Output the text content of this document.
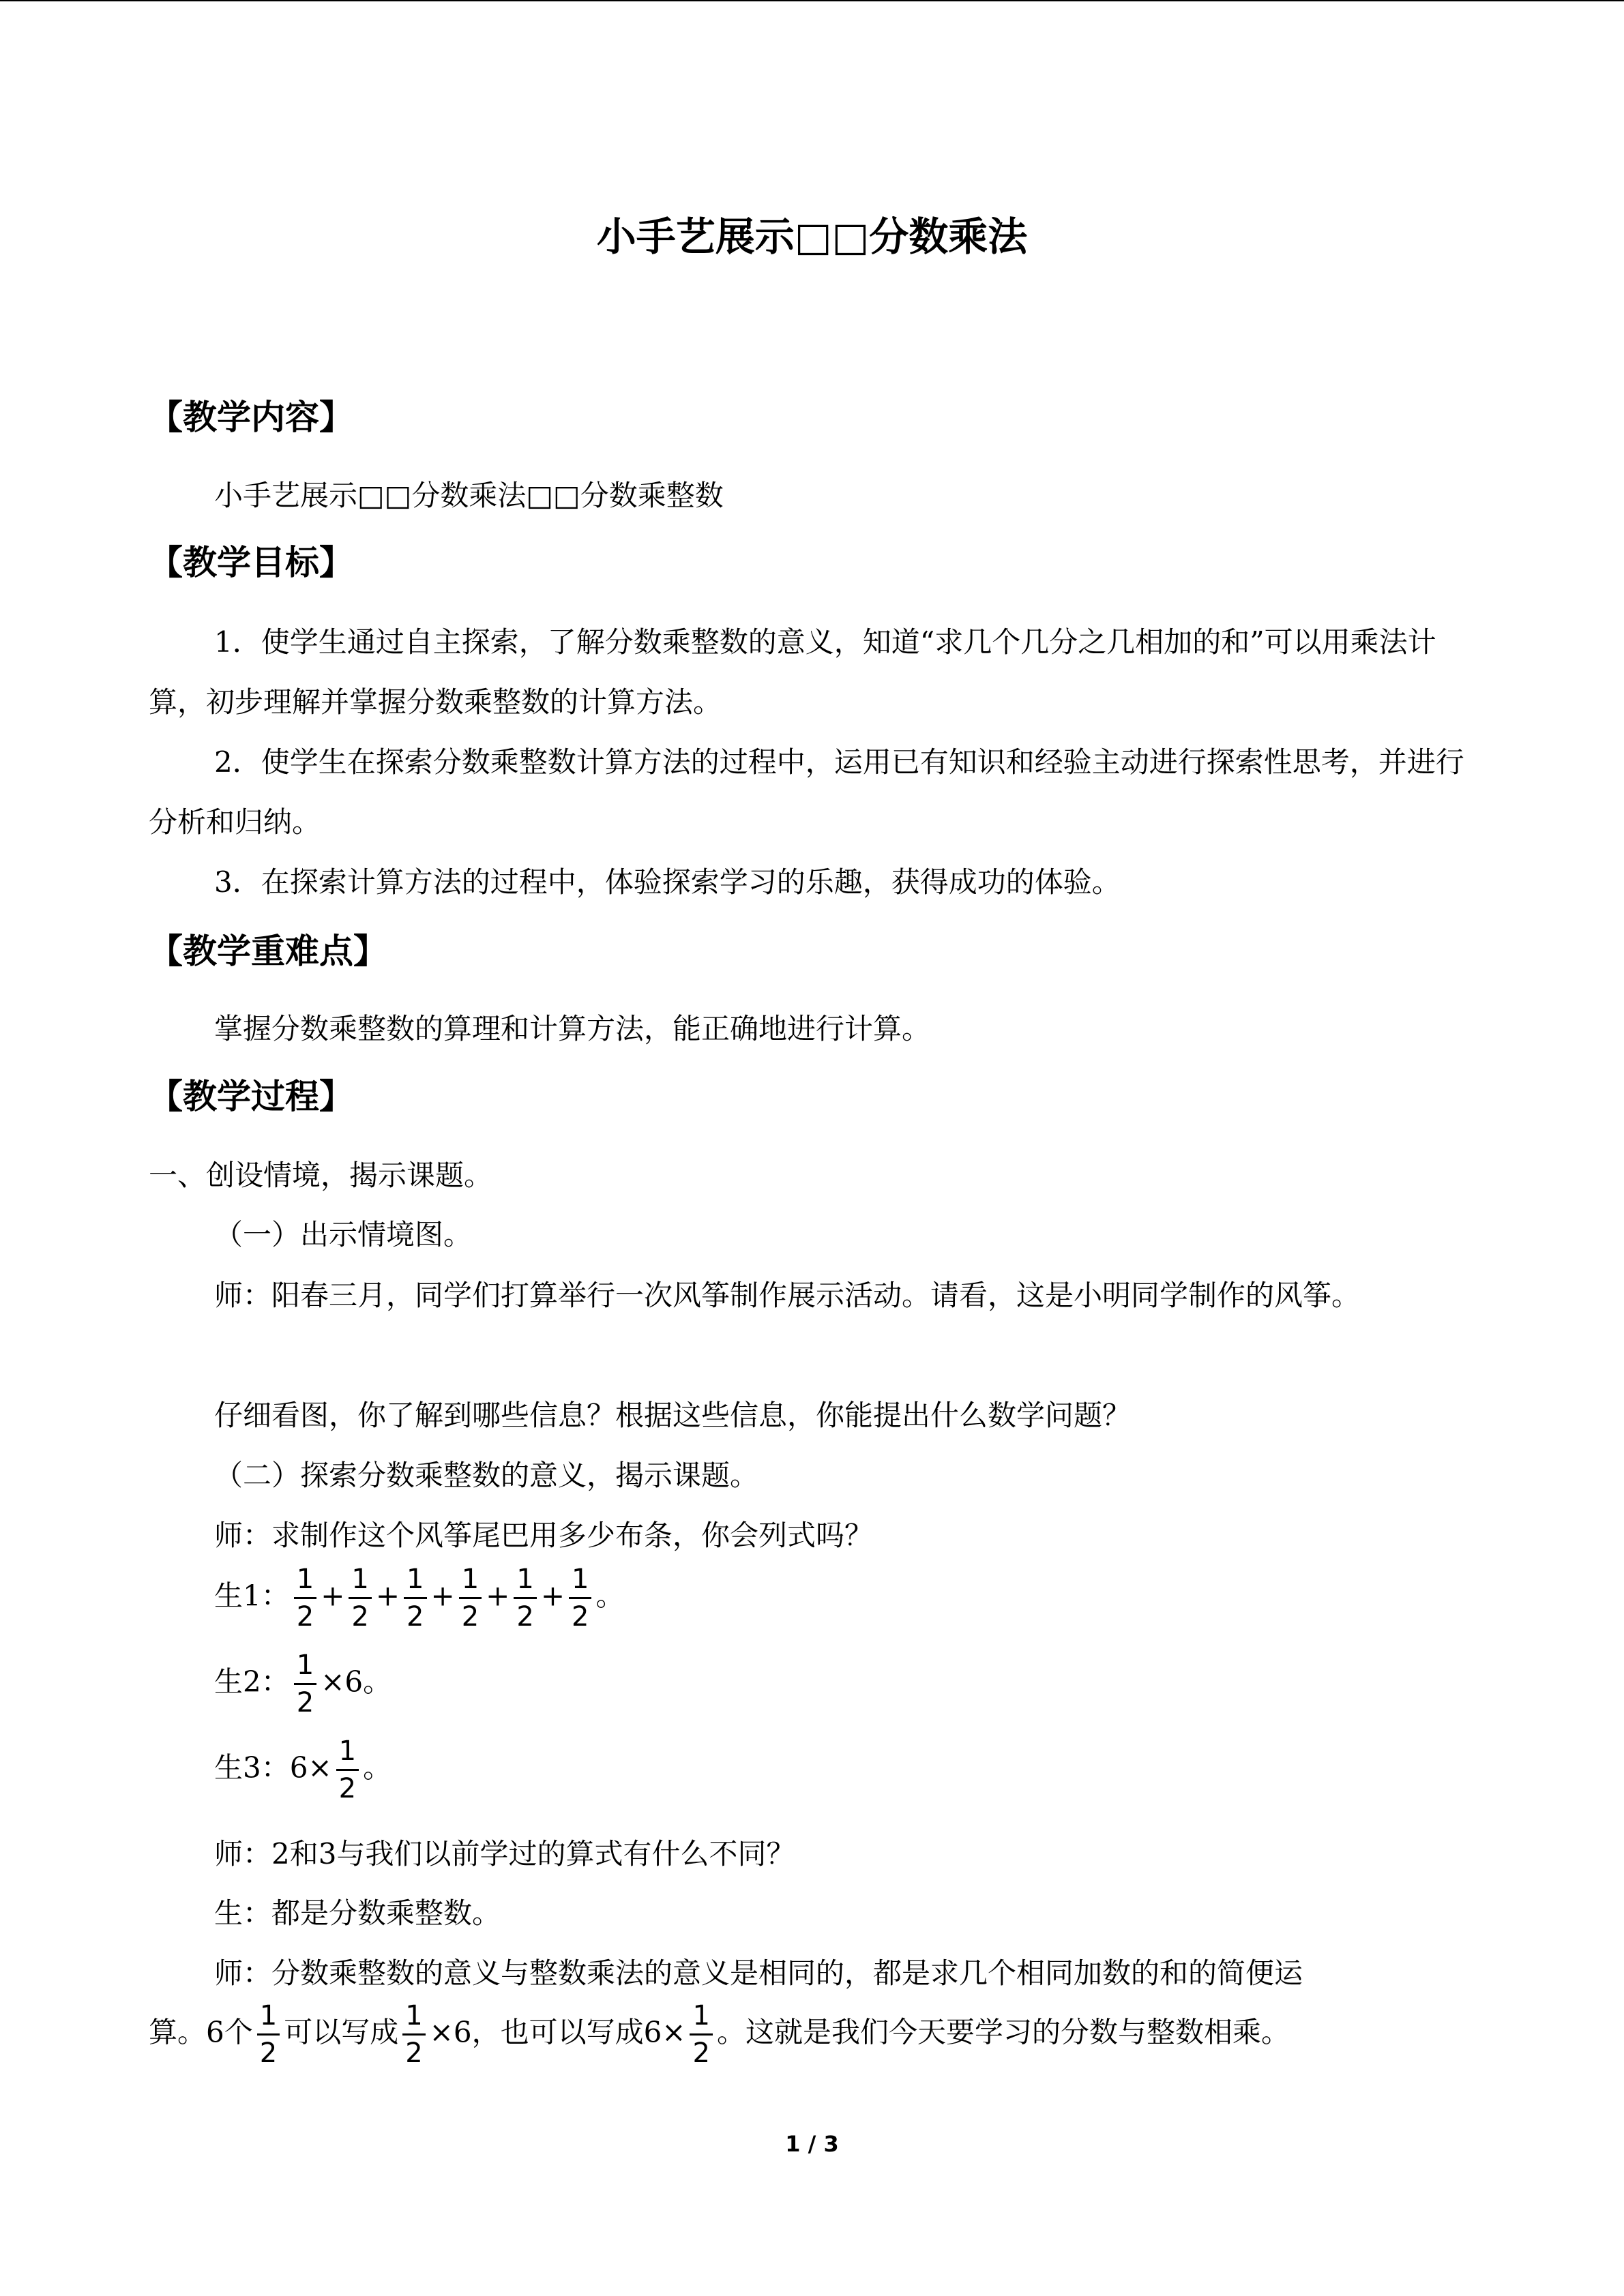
小手艺展示□□分数乘法
【教学内容】
小手艺展示□□分数乘法□□分数乘整数
【教学目标】
1．使学生通过自主探索，了解分数乘整数的意义，知道“求几个几分之几相加的和”可以用乘法计算，初步理解并掌握分数乘整数的计算方法。
2．使学生在探索分数乘整数计算方法的过程中，运用已有知识和经验主动进行探索性思考，并进行分析和归纳。
3．在探索计算方法的过程中，体验探索学习的乐趣，获得成功的体验。
【教学重难点】
掌握分数乘整数的算理和计算方法，能正确地进行计算。
【教学过程】
一、创设情境，揭示课题。
（一）出示情境图。
师：阳春三月，同学们打算举行一次风筝制作展示活动。请看，这是小明同学制作的风筝。
仔细看图，你了解到哪些信息？根据这些信息，你能提出什么数学问题？
（二）探索分数乘整数的意义，揭示课题。
师：求制作这个风筝尾巴用多少布条，你会列式吗？
生1： $\frac{1}{2} + \frac{1}{2} + \frac{1}{2} + \frac{1}{2} + \frac{1}{2} + \frac{1}{2}$ 。
生2： $\frac{1}{2} \times 6$。
生3：$6\times \frac{1}{2}$ 。
师：2和3与我们以前学过的算式有什么不同？
生：都是分数乘整数。
师：分数乘整数的意义与整数乘法的意义是相同的，都是求几个相同加数的和的简便运
算。6个 $\frac{1}{2}$ 可以写成 $\frac{1}{2} \times 6$，也可以写成$6\times \frac{1}{2}$ 。这就是我们今天要学习的分数与整数相乘。
1 / 3
